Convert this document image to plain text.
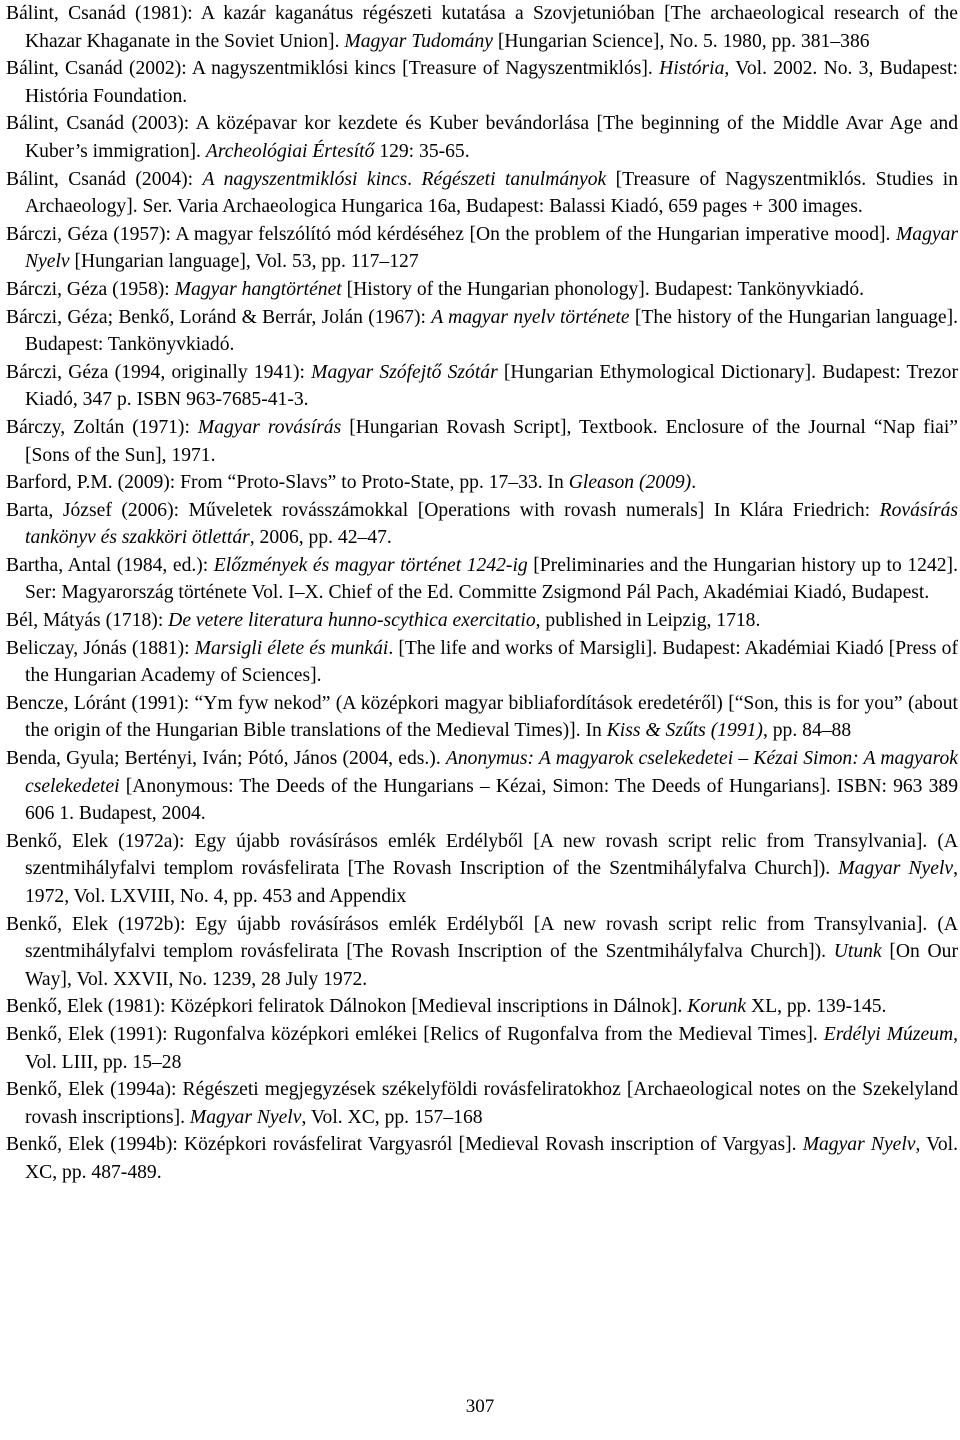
Bálint, Csanád (1981): A kazár kaganátus régészeti kutatása a Szovjetunióban [The archaeological research of the Khazar Khaganate in the Soviet Union]. Magyar Tudomány [Hungarian Science], No. 5. 1980, pp. 381–386

Bálint, Csanád (2002): A nagyszentmiklósi kincs [Treasure of Nagyszentmiklós]. História, Vol. 2002. No. 3, Budapest: História Foundation.

Bálint, Csanád (2003): A középavar kor kezdete és Kuber bevándorlása [The beginning of the Middle Avar Age and Kuber’s immigration]. Archeológiai Értesítő 129: 35-65.

Bálint, Csanád (2004): A nagyszentmiklósi kincs. Régészeti tanulmányok [Treasure of Nagyszentmiklós. Studies in Archaeology]. Ser. Varia Archaeologica Hungarica 16a, Budapest: Balassi Kiadó, 659 pages + 300 images.

Bárczi, Géza (1957): A magyar felszólító mód kérdéséhez [On the problem of the Hungarian imperative mood]. Magyar Nyelv [Hungarian language], Vol. 53, pp. 117–127

Bárczi, Géza (1958): Magyar hangtörténet [History of the Hungarian phonology]. Budapest: Tankönyvkiadó.

Bárczi, Géza; Benkő, Loránd & Berrár, Jolán (1967): A magyar nyelv története [The history of the Hungarian language]. Budapest: Tankönyvkiadó.

Bárczi, Géza (1994, originally 1941): Magyar Szófejtő Szótár [Hungarian Ethymological Dictionary]. Budapest: Trezor Kiadó, 347 p. ISBN 963-7685-41-3.

Bárczy, Zoltán (1971): Magyar rovásírás [Hungarian Rovash Script], Textbook. Enclosure of the Journal “Nap fiai” [Sons of the Sun], 1971.

Barford, P.M. (2009): From “Proto-Slavs” to Proto-State, pp. 17–33. In Gleason (2009).

Barta, József (2006): Műveletek rovásszámokkal [Operations with rovash numerals] In Klára Friedrich: Rovásírás tankönyv és szakköri ötlettár, 2006, pp. 42–47.

Bartha, Antal (1984, ed.): Előzmények és magyar történet 1242-ig [Preliminaries and the Hungarian history up to 1242]. Ser: Magyarország története Vol. I–X. Chief of the Ed. Committe Zsigmond Pál Pach, Akadémiai Kiadó, Budapest.

Bél, Mátyás (1718): De vetere literatura hunno-scythica exercitatio, published in Leipzig, 1718.

Beliczay, Jónás (1881): Marsigli élete és munkái. [The life and works of Marsigli]. Budapest: Akadémiai Kiadó [Press of the Hungarian Academy of Sciences].

Bencze, Lóránt (1991): “Ym fyw nekod” (A középkori magyar bibliafordítások eredetéről) [“Son, this is for you” (about the origin of the Hungarian Bible translations of the Medieval Times)]. In Kiss & Szűts (1991), pp. 84–88

Benda, Gyula; Bertényi, Iván; Pótó, János (2004, eds.). Anonymus: A magyarok cselekedetei – Kézai Simon: A magyarok cselekedetei [Anonymous: The Deeds of the Hungarians – Kézai, Simon: The Deeds of Hungarians]. ISBN: 963 389 606 1. Budapest, 2004.

Benkő, Elek (1972a): Egy újabb rovásírásos emlék Erdélyből [A new rovash script relic from Transylvania]. (A szentmihályfalvi templom rovásfelirata [The Rovash Inscription of the Szentmihályfalva Church]). Magyar Nyelv, 1972, Vol. LXVIII, No. 4, pp. 453 and Appendix

Benkő, Elek (1972b): Egy újabb rovásírásos emlék Erdélyből [A new rovash script relic from Transylvania]. (A szentmihályfalvi templom rovásfelirata [The Rovash Inscription of the Szentmihályfalva Church]). Utunk [On Our Way], Vol. XXVII, No. 1239, 28 July 1972.

Benkő, Elek (1981): Középkori feliratok Dálnokon [Medieval inscriptions in Dálnok]. Korunk XL, pp. 139-145.

Benkő, Elek (1991): Rugonfalva középkori emlékei [Relics of Rugonfalva from the Medieval Times]. Erdélyi Múzeum, Vol. LIII, pp. 15–28

Benkő, Elek (1994a): Régészeti megjegyzések székelyföldi rovásfeliratokhoz [Archaeological notes on the Szekelyland rovash inscriptions]. Magyar Nyelv, Vol. XC, pp. 157–168

Benkő, Elek (1994b): Középkori rovásfelirat Vargyasról [Medieval Rovash inscription of Vargyas]. Magyar Nyelv, Vol. XC, pp. 487-489.

307
